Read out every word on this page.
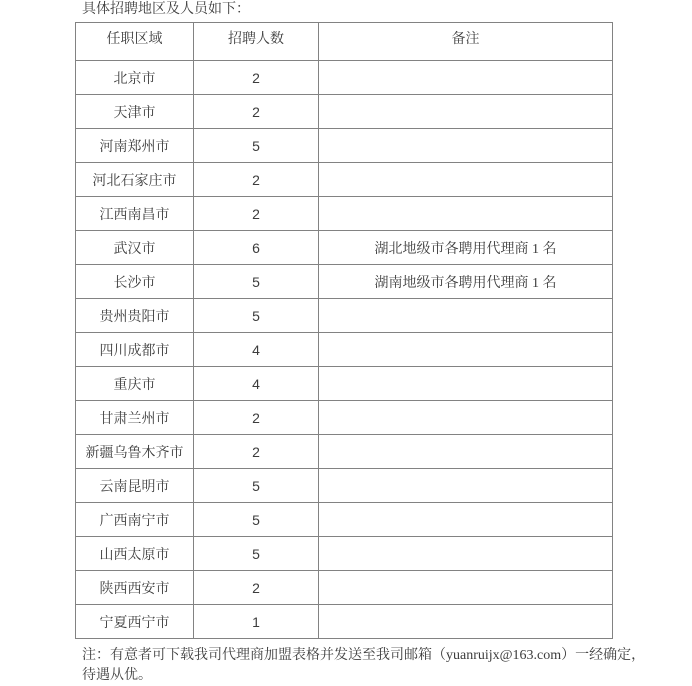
具体招聘地区及人员如下：
任职区域	招聘人数	备注
北京市	2	
天津市	2	
河南郑州市	5	
河北石家庄市	2	
江西南昌市	2	
武汉市	6	湖北地级市各聘用代理商 1 名
长沙市	5	湖南地级市各聘用代理商 1 名
贵州贵阳市	5	
四川成都市	4	
重庆市	4	
甘肃兰州市	2	
新疆乌鲁木齐市	2	
云南昆明市	5	
广西南宁市	5	
山西太原市	5	
陕西西安市	2	
宁夏西宁市	1	
注：有意者可下载我司代理商加盟表格并发送至我司邮箱（yuanruijx@163.com）一经确定，
待遇从优。
